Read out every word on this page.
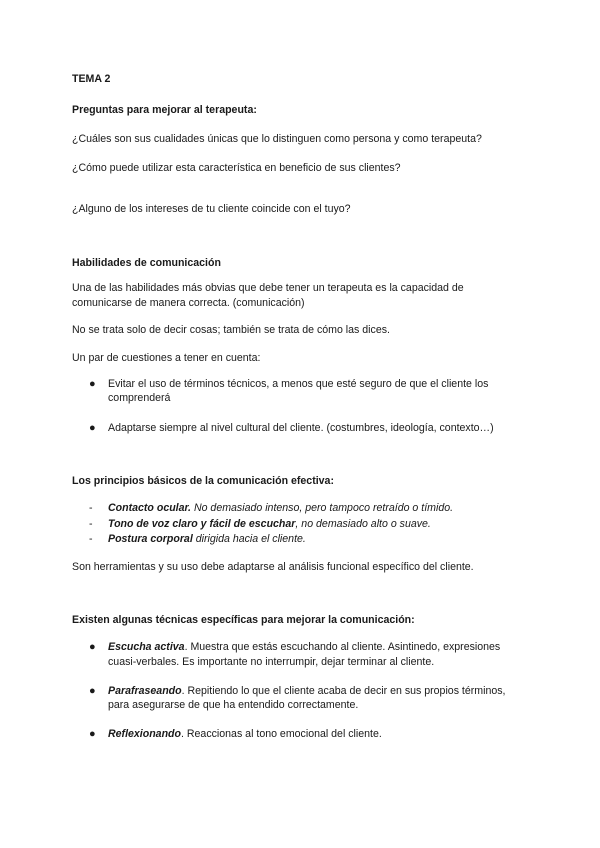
TEMA 2
Preguntas para mejorar al terapeuta:
¿Cuáles son sus cualidades únicas que lo distinguen como persona y como terapeuta?
¿Cómo puede utilizar esta característica en beneficio de sus clientes?
¿Alguno de los intereses de tu cliente coincide con el tuyo?
Habilidades de comunicación
Una de las habilidades más obvias que debe tener un terapeuta es la capacidad de
comunicarse de manera correcta. (comunicación)
No se trata solo de decir cosas; también se trata de cómo las dices.
Un par de cuestiones a tener en cuenta:
● Evitar el uso de términos técnicos, a menos que esté seguro de que el cliente los
comprenderá
● Adaptarse siempre al nivel cultural del cliente. (costumbres, ideología, contexto…)
Los principios básicos de la comunicación efectiva:
- Contacto ocular. No demasiado intenso, pero tampoco retraído o tímido.
- Tono de voz claro y fácil de escuchar, no demasiado alto o suave.
- Postura corporal dirigida hacia el cliente.
Son herramientas y su uso debe adaptarse al análisis funcional específico del cliente.
Existen algunas técnicas específicas para mejorar la comunicación:
● Escucha activa. Muestra que estás escuchando al cliente. Asintinedo, expresiones
cuasi-verbales. Es importante no interrumpir, dejar terminar al cliente.
● Parafraseando. Repitiendo lo que el cliente acaba de decir en sus propios términos,
para asegurarse de que ha entendido correctamente.
● Reflexionando. Reaccionas al tono emocional del cliente.
